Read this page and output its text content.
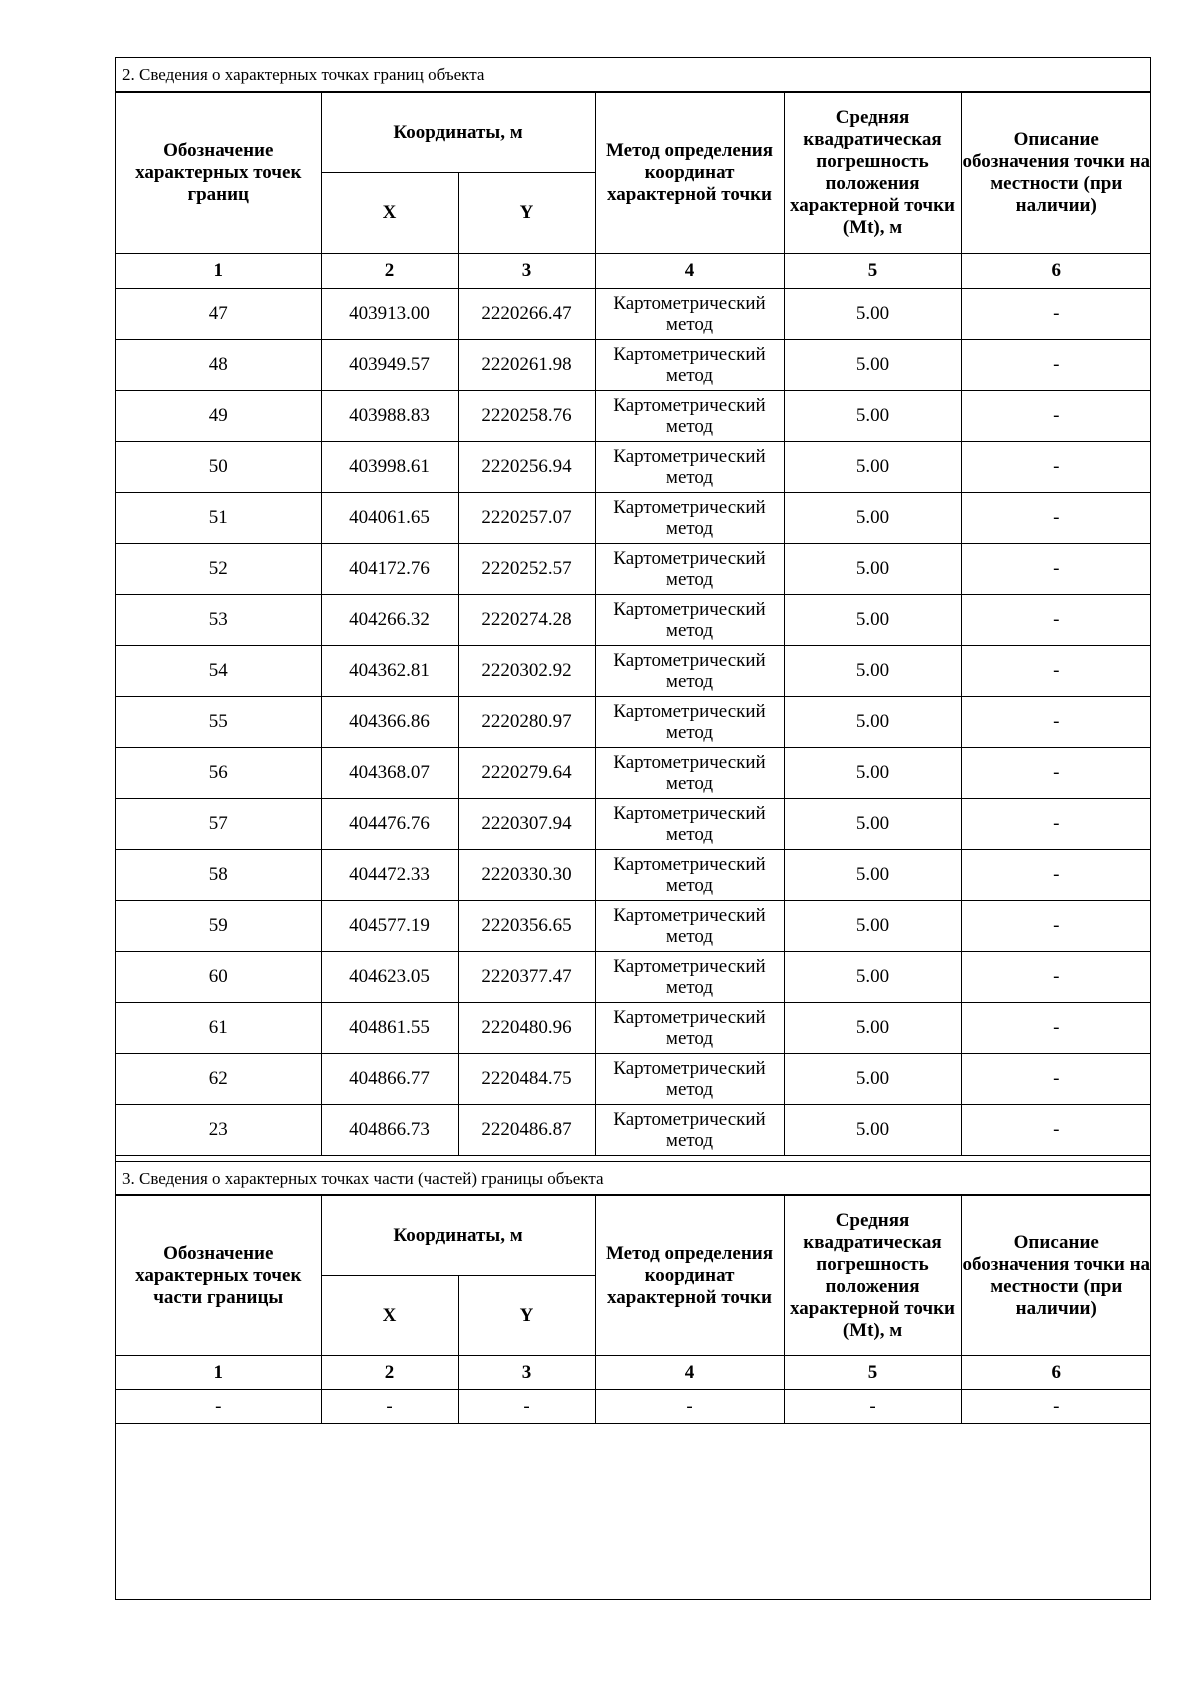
2. Сведения о характерных точках границ объекта
Обозначение характерных точек границ	Координаты, м		Метод определения координат характерной точки	Средняя квадратическая погрешность положения характерной точки (Mt), м	Описание обозначения точки на местности (при наличии)
	X	Y			
1	2	3	4	5	6
47	403913.00	2220266.47	Картометрический метод	5.00	-
48	403949.57	2220261.98	Картометрический метод	5.00	-
49	403988.83	2220258.76	Картометрический метод	5.00	-
50	403998.61	2220256.94	Картометрический метод	5.00	-
51	404061.65	2220257.07	Картометрический метод	5.00	-
52	404172.76	2220252.57	Картометрический метод	5.00	-
53	404266.32	2220274.28	Картометрический метод	5.00	-
54	404362.81	2220302.92	Картометрический метод	5.00	-
55	404366.86	2220280.97	Картометрический метод	5.00	-
56	404368.07	2220279.64	Картометрический метод	5.00	-
57	404476.76	2220307.94	Картометрический метод	5.00	-
58	404472.33	2220330.30	Картометрический метод	5.00	-
59	404577.19	2220356.65	Картометрический метод	5.00	-
60	404623.05	2220377.47	Картометрический метод	5.00	-
61	404861.55	2220480.96	Картометрический метод	5.00	-
62	404866.77	2220484.75	Картометрический метод	5.00	-
23	404866.73	2220486.87	Картометрический метод	5.00	-
3. Сведения о характерных точках части (частей) границы объекта
Обозначение характерных точек части границы	Координаты, м		Метод определения координат характерной точки	Средняя квадратическая погрешность положения характерной точки (Mt), м	Описание обозначения точки на местности (при наличии)
	X	Y			
1	2	3	4	5	6
-	-	-	-	-	-
